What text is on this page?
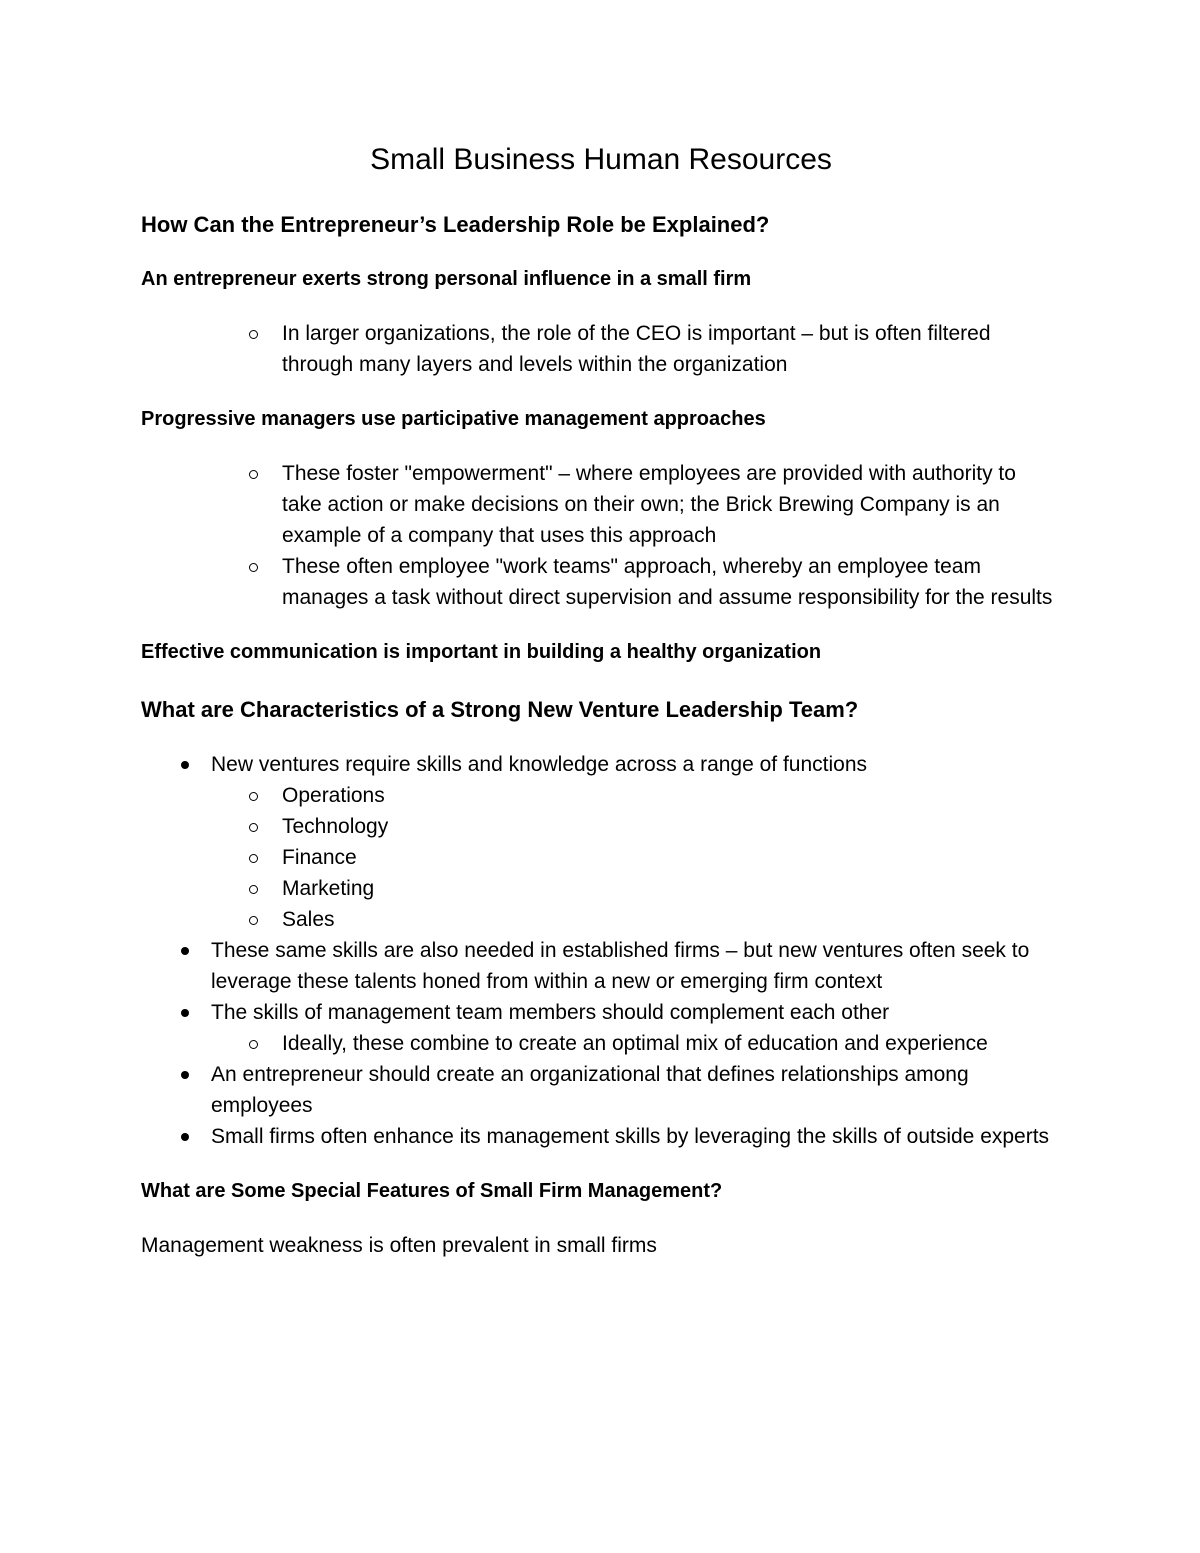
Small Business Human Resources
How Can the Entrepreneur’s Leadership Role be Explained?
An entrepreneur exerts strong personal influence in a small firm
In larger organizations, the role of the CEO is important – but is often filtered through many layers and levels within the organization
Progressive managers use participative management approaches
These foster "empowerment" – where employees are provided with authority to take action or make decisions on their own; the Brick Brewing Company is an example of a company that uses this approach
These often employee "work teams" approach, whereby an employee team manages a task without direct supervision and assume responsibility for the results
Effective communication is important in building a healthy organization
What are Characteristics of a Strong New Venture Leadership Team?
New ventures require skills and knowledge across a range of functions
Operations
Technology
Finance
Marketing
Sales
These same skills are also needed in established firms – but new ventures often seek to leverage these talents honed from within a new or emerging firm context
The skills of management team members should complement each other
Ideally, these combine to create an optimal mix of education and experience
An entrepreneur should create an organizational that defines relationships among employees
Small firms often enhance its management skills by leveraging the skills of outside experts
What are Some Special Features of Small Firm Management?

Management weakness is often prevalent in small firms
